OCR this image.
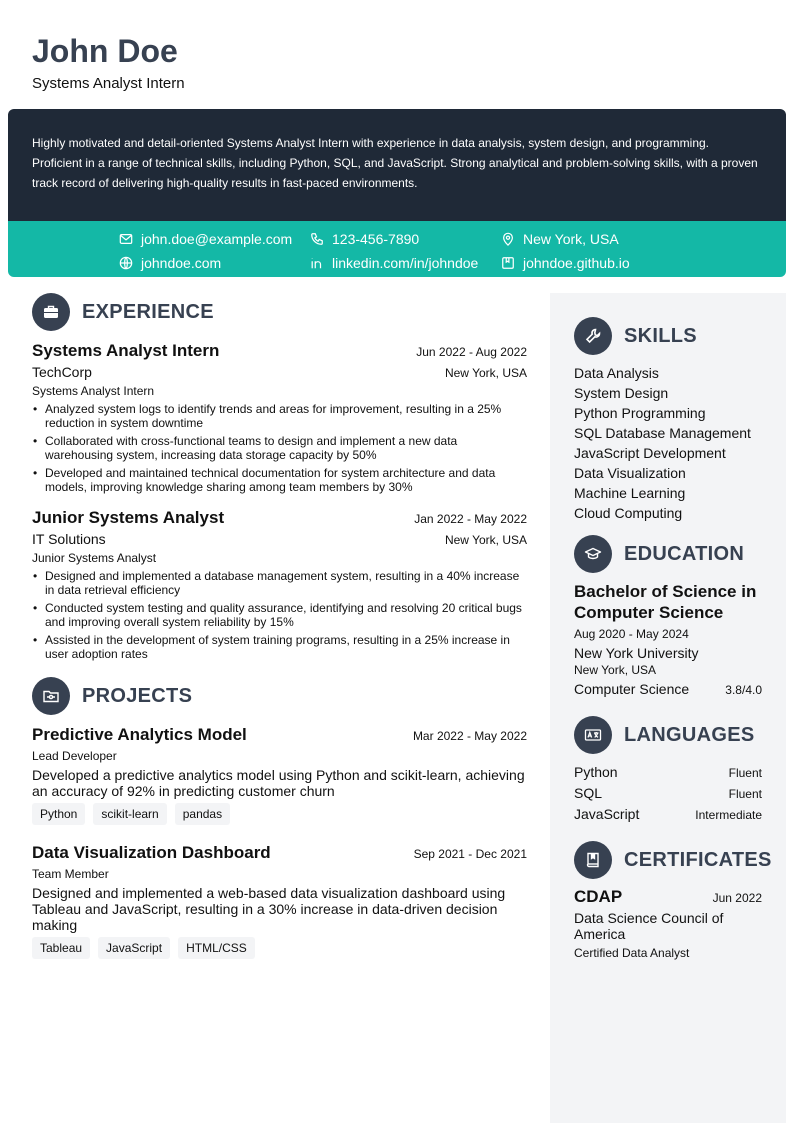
John Doe
Systems Analyst Intern
Highly motivated and detail-oriented Systems Analyst Intern with experience in data analysis, system design, and programming. Proficient in a range of technical skills, including Python, SQL, and JavaScript. Strong analytical and problem-solving skills, with a proven track record of delivering high-quality results in fast-paced environments.
john.doe@example.com	123-456-7890	New York, USA
johndoe.com	linkedin.com/in/johndoe	johndoe.github.io
EXPERIENCE
Systems Analyst Intern	Jun 2022 - Aug 2022
TechCorp	New York, USA
Systems Analyst Intern
• Analyzed system logs to identify trends and areas for improvement, resulting in a 25% reduction in system downtime
• Collaborated with cross-functional teams to design and implement a new data warehousing system, increasing data storage capacity by 50%
• Developed and maintained technical documentation for system architecture and data models, improving knowledge sharing among team members by 30%
Junior Systems Analyst	Jan 2022 - May 2022
IT Solutions	New York, USA
Junior Systems Analyst
• Designed and implemented a database management system, resulting in a 40% increase in data retrieval efficiency
• Conducted system testing and quality assurance, identifying and resolving 20 critical bugs and improving overall system reliability by 15%
• Assisted in the development of system training programs, resulting in a 25% increase in user adoption rates
PROJECTS
Predictive Analytics Model	Mar 2022 - May 2022
Lead Developer
Developed a predictive analytics model using Python and scikit-learn, achieving an accuracy of 92% in predicting customer churn
Python	scikit-learn	pandas
Data Visualization Dashboard	Sep 2021 - Dec 2021
Team Member
Designed and implemented a web-based data visualization dashboard using Tableau and JavaScript, resulting in a 30% increase in data-driven decision making
Tableau	JavaScript	HTML/CSS
SKILLS
Data Analysis
System Design
Python Programming
SQL Database Management
JavaScript Development
Data Visualization
Machine Learning
Cloud Computing
EDUCATION
Bachelor of Science in Computer Science
Aug 2020 - May 2024
New York University
New York, USA
Computer Science	3.8/4.0
LANGUAGES
Python	Fluent
SQL	Fluent
JavaScript	Intermediate
CERTIFICATES
CDAP	Jun 2022
Data Science Council of America
Certified Data Analyst
